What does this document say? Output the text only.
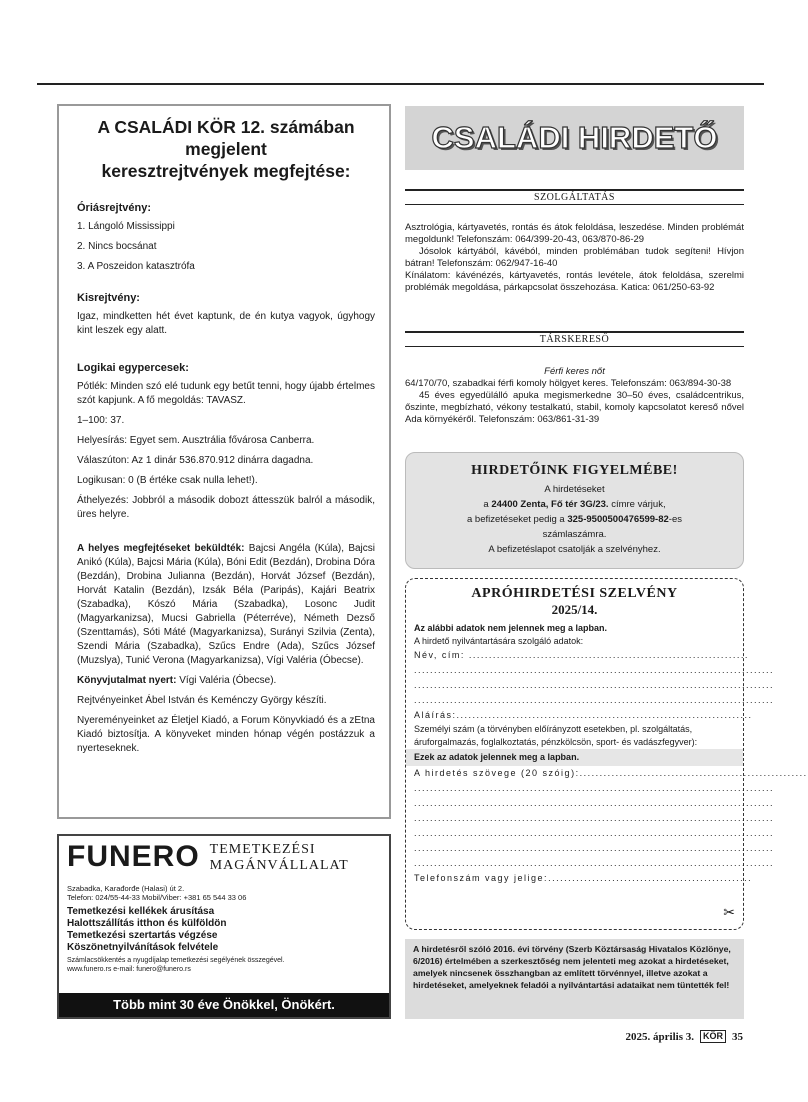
A CSALÁDI KÖR 12. számában
megjelent
keresztrejtvények megfejtése:
Óriásrejtvény:
1. Lángoló Mississippi
2. Nincs bocsánat
3. A Poszeidon katasztrófa
Kisrejtvény:
Igaz, mindketten hét évet kaptunk, de én kutya vagyok, úgyhogy kint leszek egy alatt.
Logikai egypercesek:
Pótlék: Minden szó elé tudunk egy betűt tenni, hogy újabb értelmes szót kapjunk. A fő megoldás: TAVASZ.
1–100: 37.
Helyesírás: Egyet sem. Ausztrália fővárosa Canberra.
Válaszúton: Az 1 dinár 536.870.912 dinárra dagadna.
Logikusan: 0 (B értéke csak nulla lehet!).
Áthelyezés: Jobbról a második dobozt áttesszük balról a második, üres helyre.
A helyes megfejtéseket beküldték: Bajcsi Angéla (Kúla), Bajcsi Anikó (Kúla), Bajcsi Mária (Kúla), Bóni Edit (Bezdán), Drobina Dóra (Bezdán), Drobina Julianna (Bezdán), Horvát József (Bezdán), Horvát Katalin (Bezdán), Izsák Béla (Paripás), Kajári Beatrix (Szabadka), Kószó Mária (Szabadka), Losonc Judit (Magyarkanizsa), Mucsi Gabriella (Péterréve), Németh Dezső (Szenttamás), Sóti Máté (Magyarkanizsa), Surányi Szilvia (Zenta), Szendi Mária (Szabadka), Szűcs Endre (Ada), Szűcs József (Muzslya), Tunić Verona (Magyarkanizsa), Vígi Valéria (Óbecse).
Könyvjutalmat nyert: Vígi Valéria (Óbecse).
Rejtvényeinket Ábel István és Keménczy György készíti.
Nyereményeinket az Életjel Kiadó, a Forum Könyvkiadó és a zEtna Kiadó biztosítja. A könyveket minden hónap végén postázzuk a nyerteseknek.
FUNERO TEMETKEZÉSI
MAGÁNVÁLLALAT
Szabadka, Karađorđe (Halasi) út 2.
Telefon: 024/55-44-33 Mobil/Viber: +381 65 544 33 06
Temetkezési kellékek árusítása
Halottszállítás itthon és külföldön
Temetkezési szertartás végzése
Köszönetnyilvánítások felvétele
Számlacsökkentés a nyugdíjalap temetkezési segélyének összegével.
www.funero.rs e-mail: funero@funero.rs
Több mint 30 éve Önökkel, Önökért.
CSALÁDI HIRDETŐ
SZOLGÁLTATÁS
Asztrológia, kártyavetés, rontás és átok feloldása, leszedése. Minden problémát megoldunk! Telefonszám: 064/399-20-43, 063/870-86-29
Jósolok kártyából, kávéból, minden problémában tudok segíteni! Hívjon bátran! Telefonszám: 062/947-16-40
Kínálatom: kávénézés, kártyavetés, rontás levétele, átok feloldása, szerelmi problémák megoldása, párkapcsolat összehozása. Katica: 061/250-63-92
TÁRSKERESŐ
Férfi keres nőt
64/170/70, szabadkai férfi komoly hölgyet keres. Telefonszám: 063/894-30-38
45 éves egyedülálló apuka megismerkedne 30–50 éves, családcentrikus, őszinte, megbízható, vékony testalkatú, stabil, komoly kapcsolatot kereső nővel Ada környékéről. Telefonszám: 063/861-31-39
HIRDETŐINK FIGYELMÉBE!
A hirdetéseket
a 24400 Zenta, Fő tér 3G/23. címre várjuk,
a befizetéseket pedig a 325-9500500476599-82-es
számlaszámra.
A befizetéslapot csatolják a szelvényhez.
APRÓHIRDETÉSI SZELVÉNY
2025/14.
Az alábbi adatok nem jelennek meg a lapban.
A hirdető nyilvántartására szolgáló adatok:
Név, cím: ......................................................................
..........................................................................................
..........................................................................................
..........................................................................................
Aláírás:..........................................................................
Személyi szám (a törvényben előírányzott esetekben, pl. szolgáltatás, áruforgalmazás, foglalkoztatás, pénzkölcsön, sport- és vadászfegyver):
Ezek az adatok jelennek meg a lapban.
A hirdetés szövege (20 szóig):.........................................................
..........................................................................................
..........................................................................................
..........................................................................................
..........................................................................................
..........................................................................................
..........................................................................................
Telefonszám vagy jelige:...................................................
✂
A hirdetésről szóló 2016. évi törvény (Szerb Köztársaság Hivatalos Közlönye, 6/2016) értelmében a szerkesztőség nem jelenteti meg azokat a hirdetéseket, amelyek nincsenek összhangban az említett törvénnyel, illetve azokat a hirdetéseket, amelyeknek feladói a nyilvántartási adataikat nem tüntették fel!
2025. április 3.	KÖR 35
